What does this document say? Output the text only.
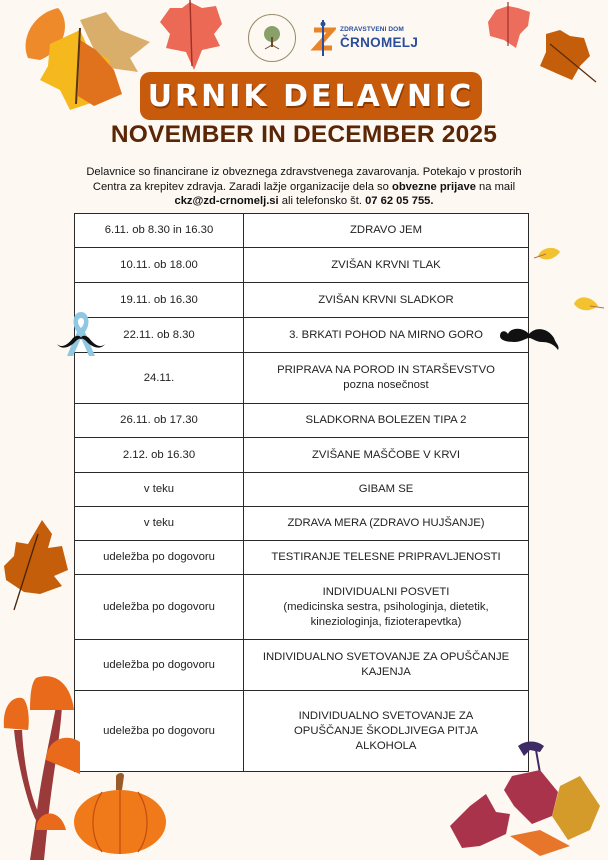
ZDRAVSTVENI DOM
ČRNOMELJ
URNIK DELAVNIC
NOVEMBER IN DECEMBER 2025
Delavnice so financirane iz obveznega zdravstvenega zavarovanja. Potekajo v prostorih Centra za krepitev zdravja. Zaradi lažje organizacije dela so obvezne prijave na mail ckz@zd-crnomelj.si ali telefonsko št. 07 62 05 755.
6.11. ob 8.30 in 16.30	ZDRAVO JEM
10.11. ob 18.00	ZVIŠAN KRVNI TLAK
19.11. ob 16.30	ZVIŠAN KRVNI SLADKOR
22.11. ob 8.30	3. BRKATI POHOD NA MIRNO GORO
24.11.	PRIPRAVA NA POROD IN STARŠEVSTVO
pozna nosečnost

26.11. ob 17.30	SLADKORNA BOLEZEN TIPA 2
2.12. ob 16.30	ZVIŠANE MAŠČOBE V KRVI
v teku	GIBAM SE
v teku	ZDRAVA MERA (ZDRAVO HUJŠANJE)
udeležba po dogovoru	TESTIRANJE TELESNE PRIPRAVLJENOSTI
udeležba po dogovoru	INDIVIDUALNI POSVETI
(medicinska sestra, psihologinja, dietetik, kineziologinja, fizioterapevtka)

udeležba po dogovoru	INDIVIDUALNO SVETOVANJE ZA OPUŠČANJE KAJENJA
udeležba po dogovoru	INDIVIDUALNO SVETOVANJE ZA OPUŠČANJE ŠKODLJIVEGA PITJA ALKOHOLA
